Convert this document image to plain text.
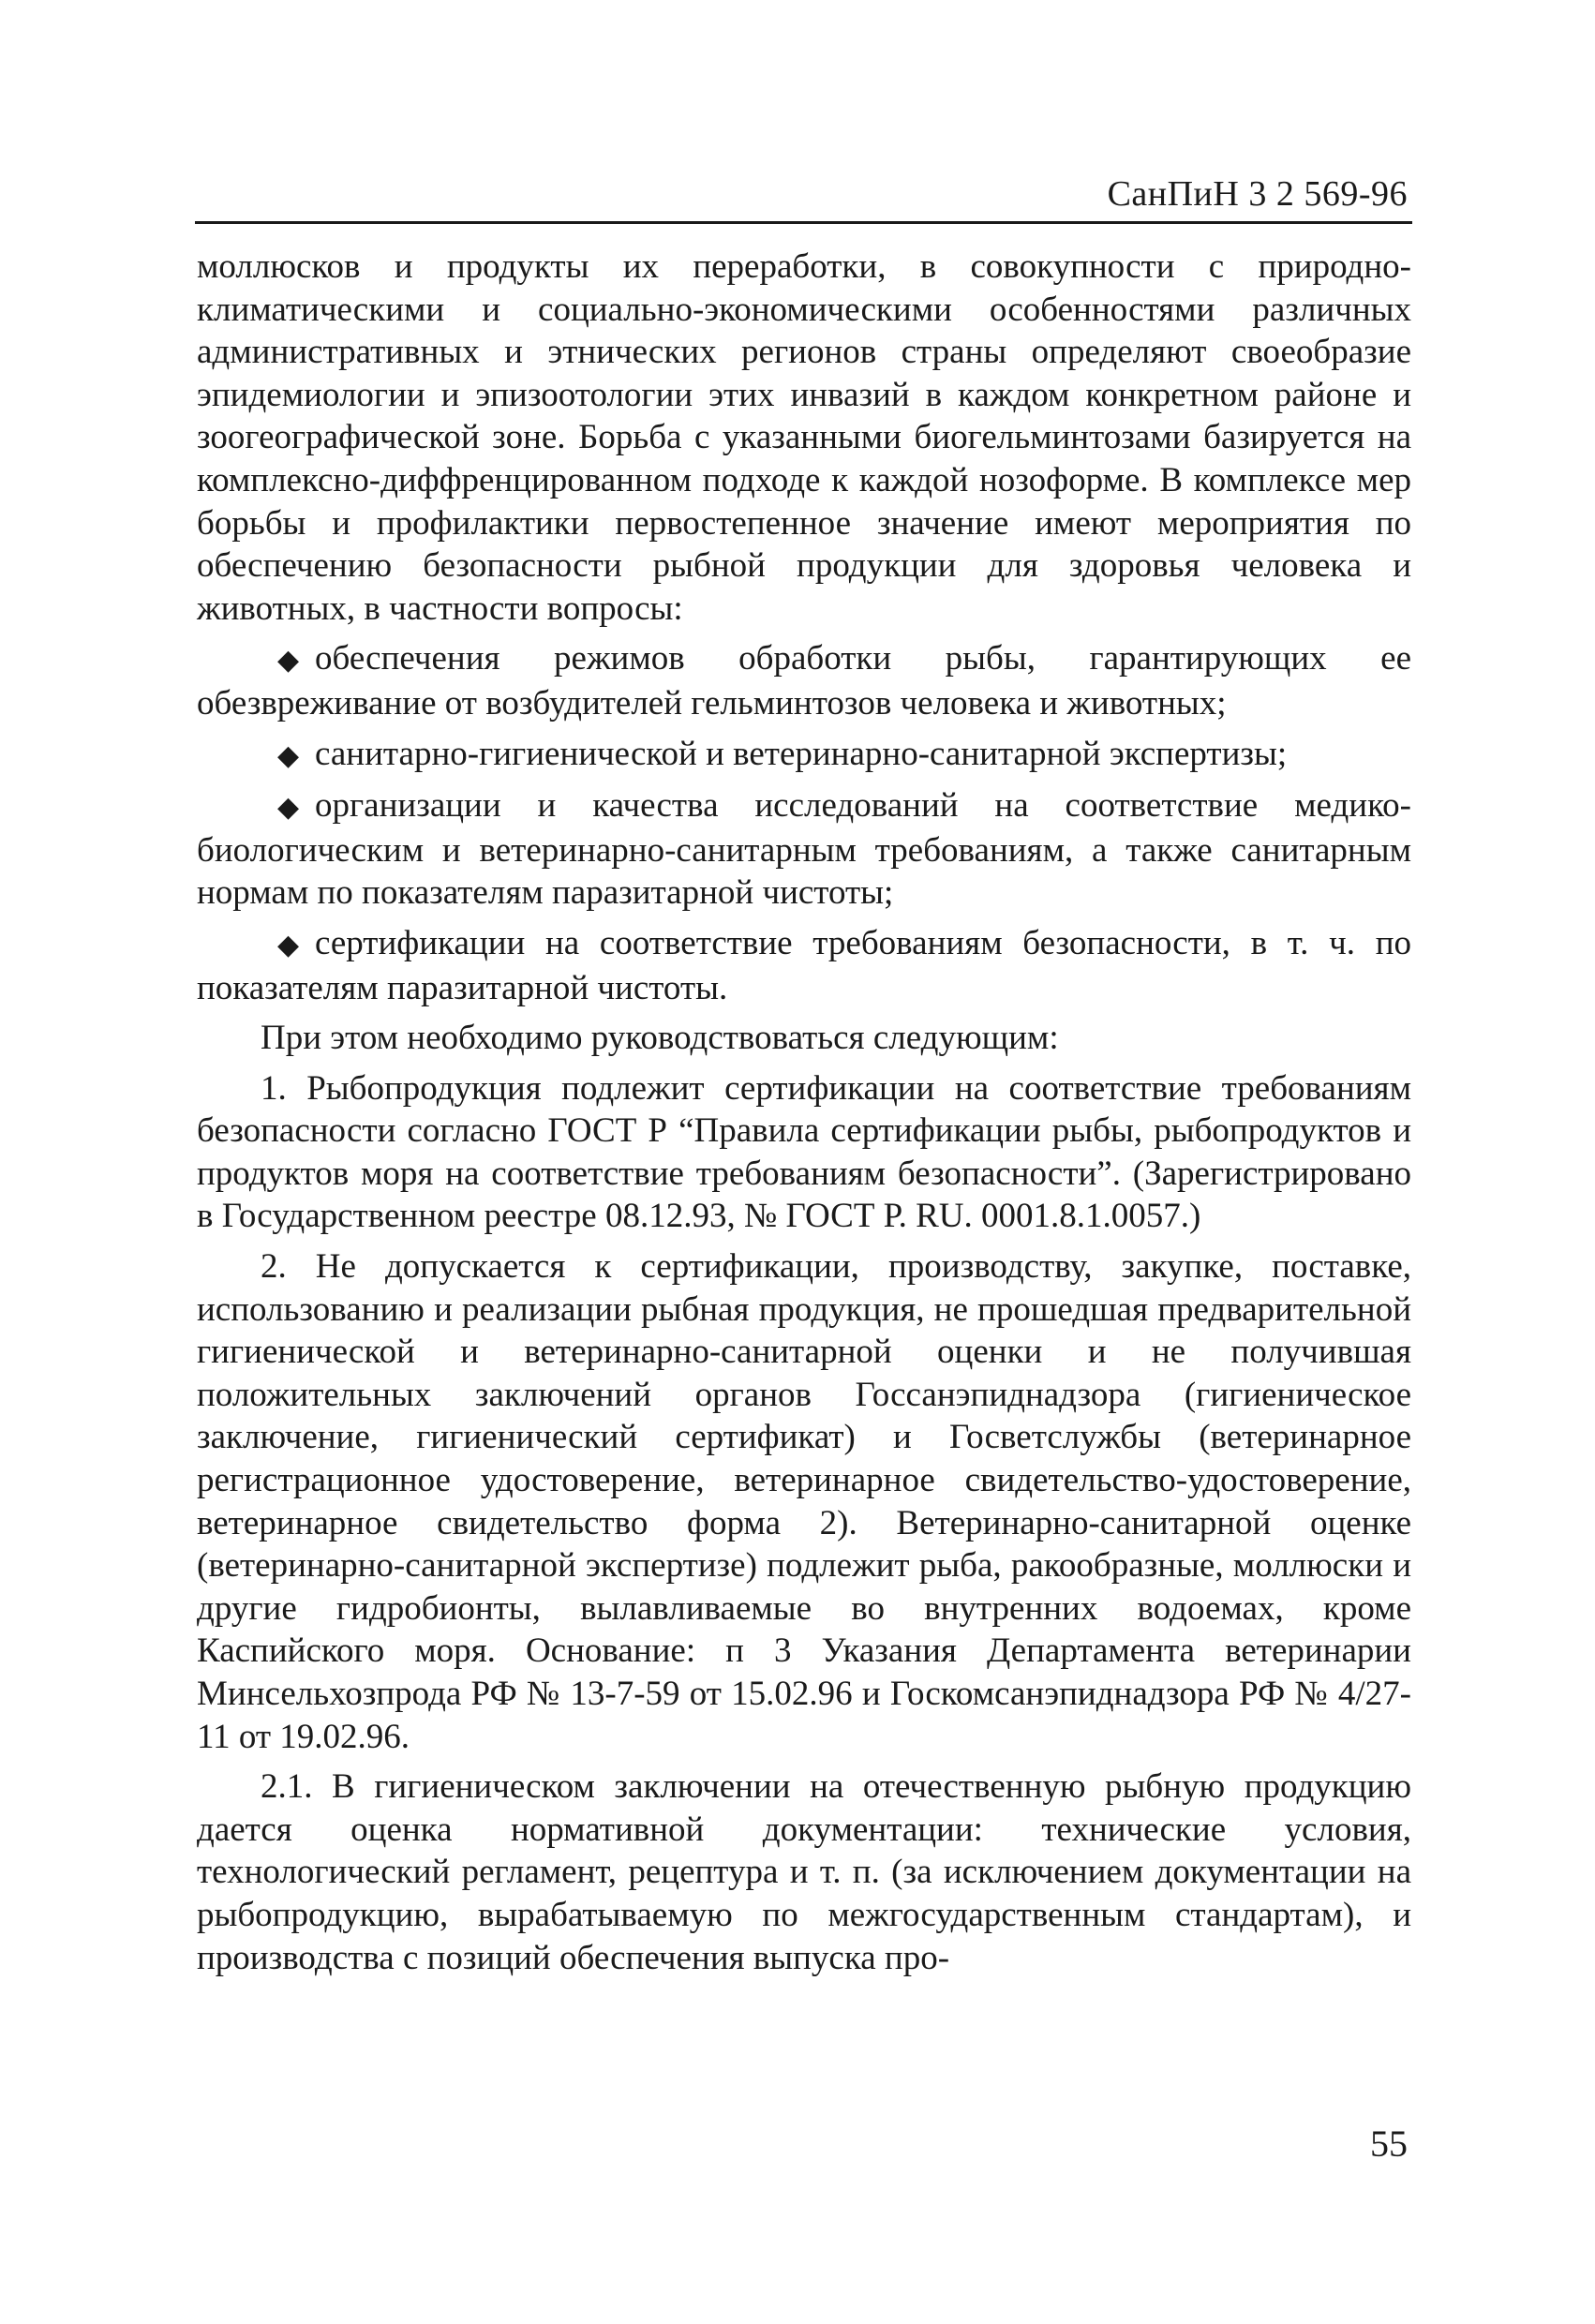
СанПиН 3 2 569-96

моллюсков и продукты их переработки, в совокупности с природно-климатическими и социально-экономическими особенностями различных административных и этнических регионов страны определяют своеобразие эпидемиологии и эпизоотологии этих инвазий в каждом конкретном районе и зоогеографической зоне. Борьба с указанными биогельминтозами базируется на комплексно-диффренцированном подходе к каждой нозоформе. В комплексе мер борьбы и профилактики первостепенное значение имеют мероприятия по обеспечению безопасности рыбной продукции для здоровья человека и животных, в частности вопросы:

◆ обеспечения режимов обработки рыбы, гарантирующих ее обезвреживание от возбудителей гельминтозов человека и животных;

◆ санитарно-гигиенической и ветеринарно-санитарной экспертизы;

◆ организации и качества исследований на соответствие медико-биологическим и ветеринарно-санитарным требованиям, а также санитарным нормам по показателям паразитарной чистоты;

◆ сертификации на соответствие требованиям безопасности, в т. ч. по показателям паразитарной чистоты.

При этом необходимо руководствоваться следующим:

1. Рыбопродукция подлежит сертификации на соответствие требованиям безопасности согласно ГОСТ Р “Правила сертификации рыбы, рыбопродуктов и продуктов моря на соответствие требованиям безопасности”. (Зарегистрировано в Государственном реестре 08.12.93, № ГОСТ Р. RU. 0001.8.1.0057.)

2. Не допускается к сертификации, производству, закупке, поставке, использованию и реализации рыбная продукция, не прошедшая предварительной гигиенической и ветеринарно-санитарной оценки и не получившая положительных заключений органов Госсанэпиднадзора (гигиеническое заключение, гигиенический сертификат) и Госветслужбы (ветеринарное регистрационное удостоверение, ветеринарное свидетельство-удостоверение, ветеринарное свидетельство форма 2). Ветеринарно-санитарной оценке (ветеринарно-санитарной экспертизе) подлежит рыба, ракообразные, моллюски и другие гидробионты, вылавливаемые во внутренних водоемах, кроме Каспийского моря. Основание: п 3 Указания Департамента ветеринарии Минсельхозпрода РФ № 13-7-59 от 15.02.96 и Госкомсанэпиднадзора РФ № 4/27-11 от 19.02.96.

2.1. В гигиеническом заключении на отечественную рыбную продукцию дается оценка нормативной документации: технические условия, технологический регламент, рецептура и т. п. (за исключением документации на рыбопродукцию, вырабатываемую по межгосударственным стандартам), и производства с позиций обеспечения выпуска про-

55
